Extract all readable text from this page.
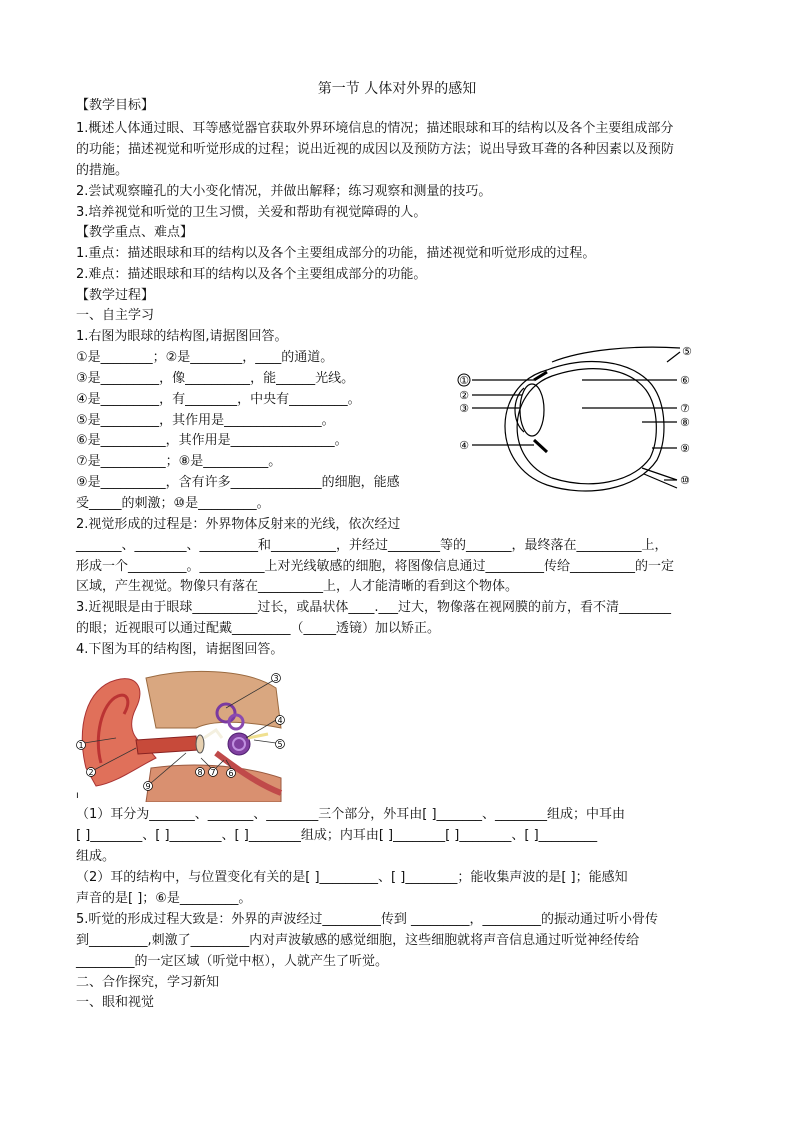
第一节 人体对外界的感知
【教学目标】
1.概述人体通过眼、耳等感觉器官获取外界环境信息的情况；描述眼球和耳的结构以及各个主要组成部分
的功能；描述视觉和听觉形成的过程；说出近视的成因以及预防方法；说出导致耳聋的各种因素以及预防
的措施。
2.尝试观察瞳孔的大小变化情况，并做出解释；练习观察和测量的技巧。
3.培养视觉和听觉的卫生习惯，关爱和帮助有视觉障碍的人。
【教学重点、难点】
1.重点：描述眼球和耳的结构以及各个主要组成部分的功能，描述视觉和听觉形成的过程。
2.难点：描述眼球和耳的结构以及各个主要组成部分的功能。
【教学过程】
一、自主学习
1.右图为眼球的结构图,请据图回答。
①是________；②是________，____的通道。
③是_________，像__________，能______光线。
④是_________，有________，中央有_________。
⑤是_________，其作用是_______________。
⑥是__________，其作用是________________。
⑦是__________；⑧是__________。
⑨是__________，含有许多______________的细胞，能感
受_____的刺激；⑩是_________。
2.视觉形成的过程是：外界物体反射来的光线，依次经过
_______、________、_________和__________，并经过________等的_______，最终落在__________上，
形成一个_________。__________上对光线敏感的细胞，将图像信息通过_________传给__________的一定
区域，产生视觉。物像只有落在__________上，人才能清晰的看到这个物体。
3.近视眼是由于眼球__________过长，或晶状体____.___过大，物像落在视网膜的前方，看不清________
的眼；近视眼可以通过配戴_________（_____透镜）加以矫正。
4.下图为耳的结构图，请据图回答。
①
②
③
④
⑤
⑥
⑦
⑧
⑨
⑩
1
2
3
4
5
6
7
8
9
ı
（1）耳分为_______、_______、________三个部分，外耳由[ ]_______、________组成；中耳由
[ ]________、[ ]________、[ ]________组成；内耳由[ ]________[ ]________、[ ]_________
组成。
（2）耳的结构中，与位置变化有关的是[ ]_________、[ ]________；能收集声波的是[ ]；能感知
声音的是[ ]；⑥是_________。
5.听觉的形成过程大致是：外界的声波经过_________传到 _________，_________的振动通过听小骨传
到_________,刺激了_________内对声波敏感的感觉细胞，这些细胞就将声音信息通过听觉神经传给
_________的一定区域（听觉中枢），人就产生了听觉。
二、合作探究，学习新知
一、眼和视觉
